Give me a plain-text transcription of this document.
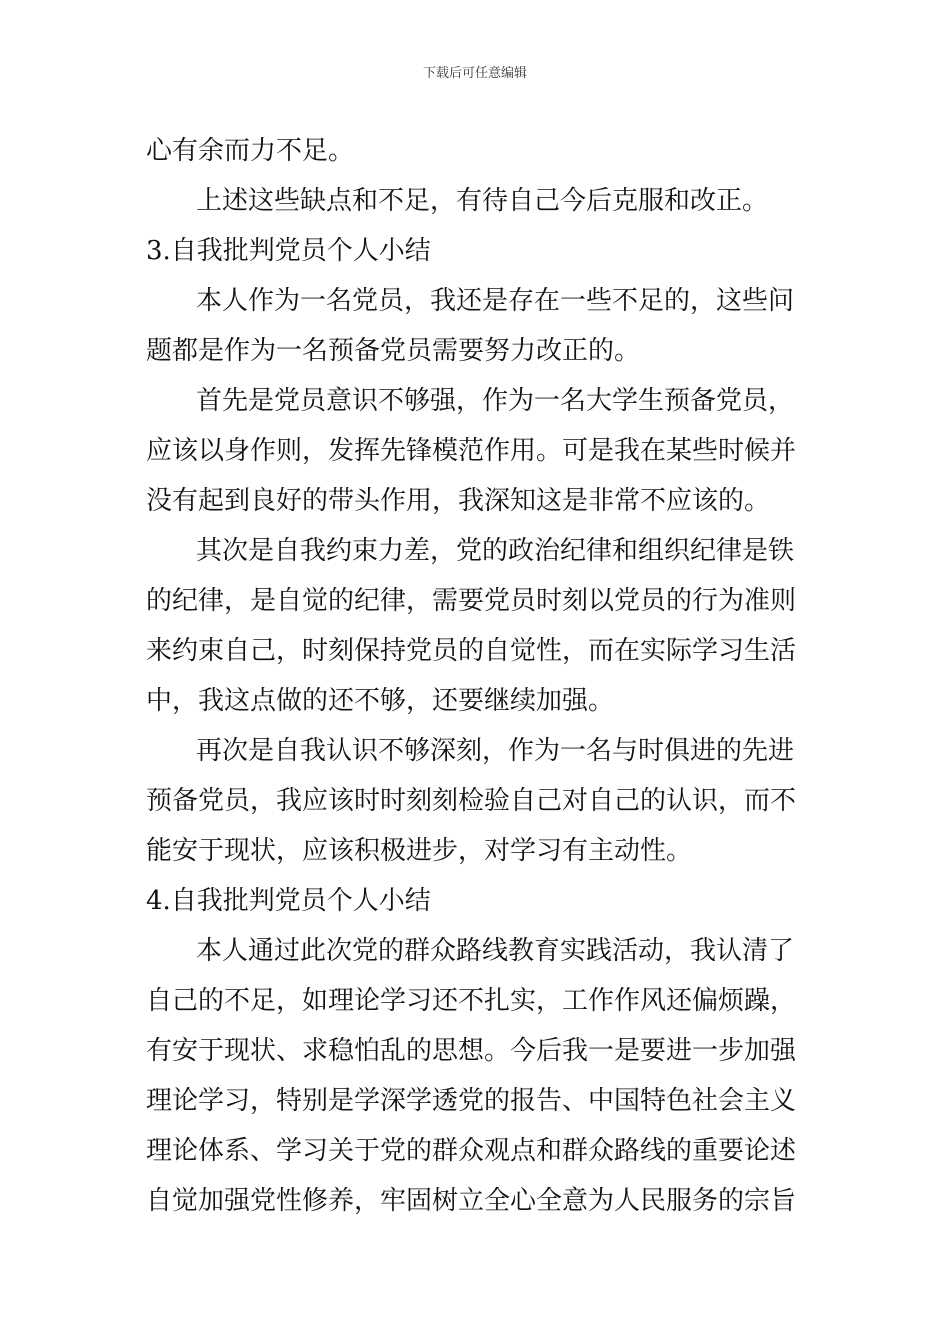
下载后可任意编辑
心有余而力不足。
上述这些缺点和不足，有待自己今后克服和改正。
3.自我批判党员个人小结
本人作为一名党员，我还是存在一些不足的，这些问
题都是作为一名预备党员需要努力改正的。
首先是党员意识不够强，作为一名大学生预备党员，
应该以身作则，发挥先锋模范作用。可是我在某些时候并
没有起到良好的带头作用，我深知这是非常不应该的。
其次是自我约束力差，党的政治纪律和组织纪律是铁
的纪律，是自觉的纪律，需要党员时刻以党员的行为准则
来约束自己，时刻保持党员的自觉性，而在实际学习生活
中，我这点做的还不够，还要继续加强。
再次是自我认识不够深刻，作为一名与时俱进的先进
预备党员，我应该时时刻刻检验自己对自己的认识，而不
能安于现状，应该积极进步，对学习有主动性。
4.自我批判党员个人小结
本人通过此次党的群众路线教育实践活动，我认清了
自己的不足，如理论学习还不扎实，工作作风还偏烦躁，
有安于现状、求稳怕乱的思想。今后我一是要进一步加强
理论学习，特别是学深学透党的报告、中国特色社会主义
理论体系、学习关于党的群众观点和群众路线的重要论述
自觉加强党性修养，牢固树立全心全意为人民服务的宗旨
